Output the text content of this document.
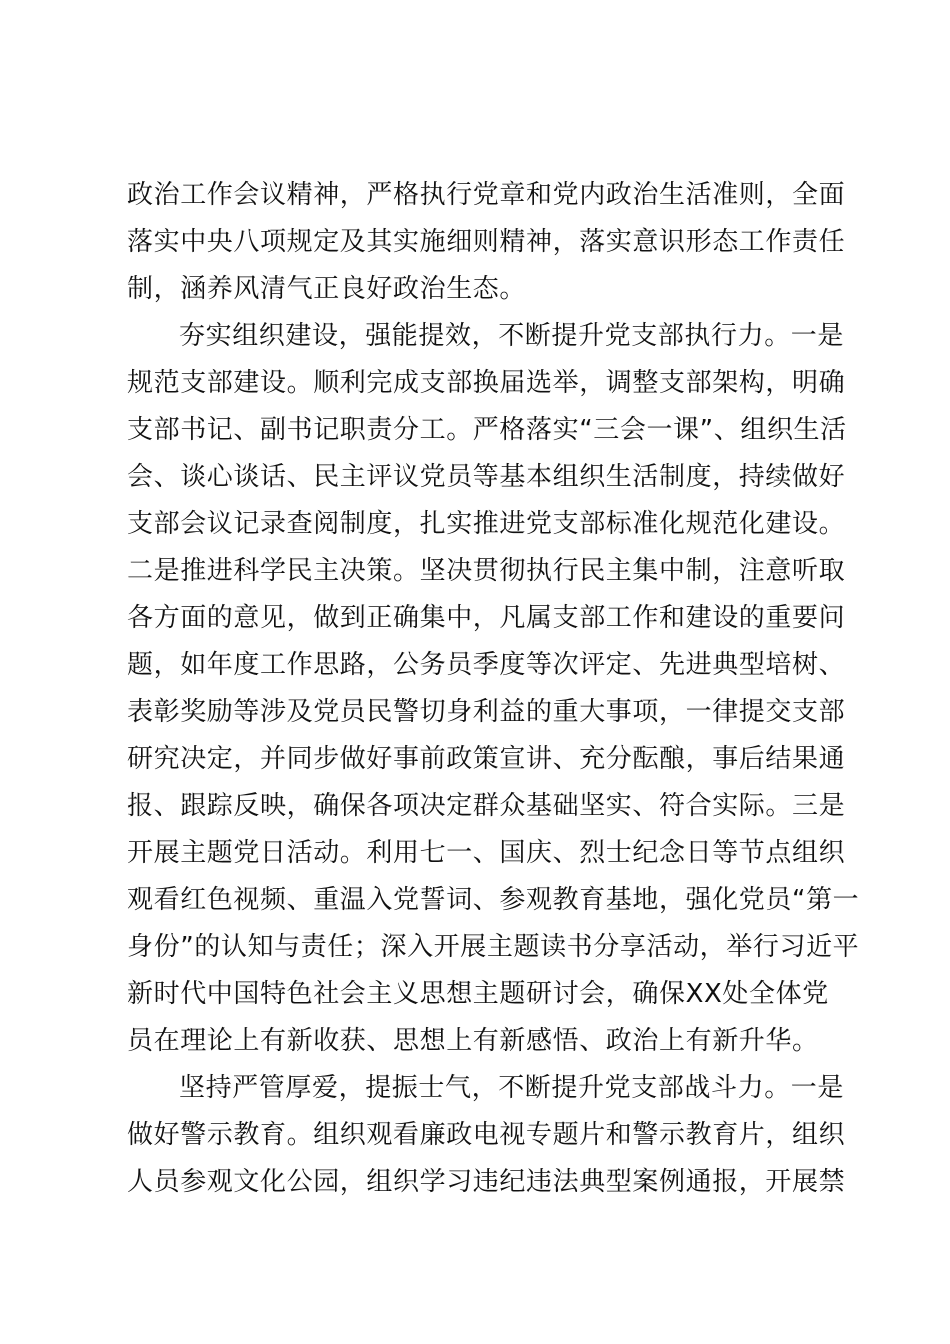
政治工作会议精神，严格执行党章和党内政治生活准则，全面
落实中央八项规定及其实施细则精神，落实意识形态工作责任
制，涵养风清气正良好政治生态。
夯实组织建设，强能提效，不断提升党支部执行力。一是
规范支部建设。顺利完成支部换届选举，调整支部架构，明确
支部书记、副书记职责分工。严格落实“三会一课”、组织生活
会、谈心谈话、民主评议党员等基本组织生活制度，持续做好
支部会议记录查阅制度，扎实推进党支部标准化规范化建设。
二是推进科学民主决策。坚决贯彻执行民主集中制，注意听取
各方面的意见，做到正确集中，凡属支部工作和建设的重要问
题，如年度工作思路，公务员季度等次评定、先进典型培树、
表彰奖励等涉及党员民警切身利益的重大事项，一律提交支部
研究决定，并同步做好事前政策宣讲、充分酝酿，事后结果通
报、跟踪反映，确保各项决定群众基础坚实、符合实际。三是
开展主题党日活动。利用七一、国庆、烈士纪念日等节点组织
观看红色视频、重温入党誓词、参观教育基地，强化党员“第一
身份”的认知与责任；深入开展主题读书分享活动，举行习近平
新时代中国特色社会主义思想主题研讨会，确保XX处全体党
员在理论上有新收获、思想上有新感悟、政治上有新升华。
坚持严管厚爱，提振士气，不断提升党支部战斗力。一是
做好警示教育。组织观看廉政电视专题片和警示教育片，组织
人员参观文化公园，组织学习违纪违法典型案例通报，开展禁
